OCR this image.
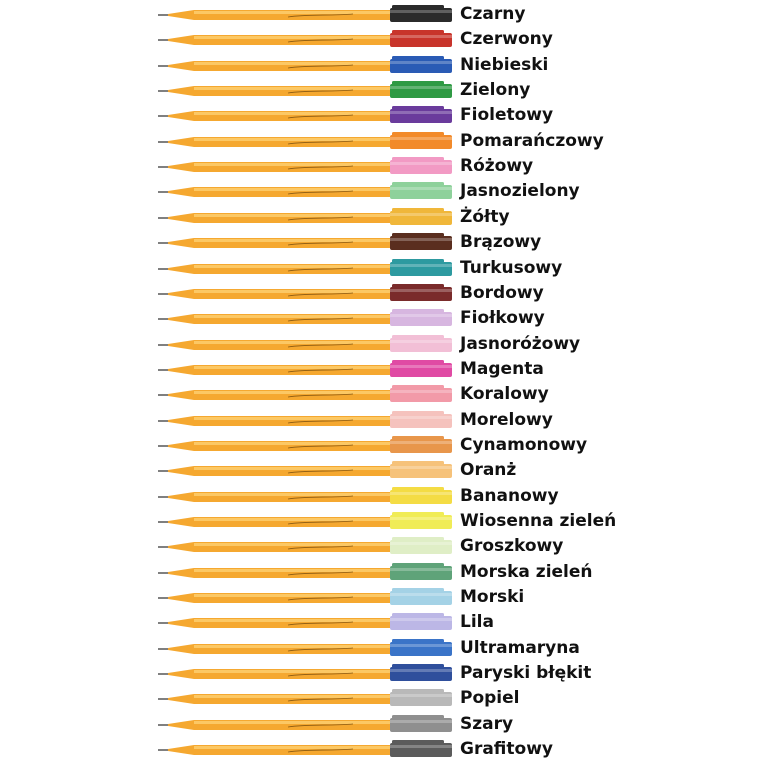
Czarny
Czerwony
Niebieski
Zielony
Fioletowy
Pomarańczowy
Różowy
Jasnozielony
Żółty
Brązowy
Turkusowy
Bordowy
Fiołkowy
Jasnoróżowy
Magenta
Koralowy
Morelowy
Cynamonowy
Oranż
Bananowy
Wiosenna zieleń
Groszkowy
Morska zieleń
Morski
Lila
Ultramaryna
Paryski błękit
Popiel
Szary
Grafitowy
